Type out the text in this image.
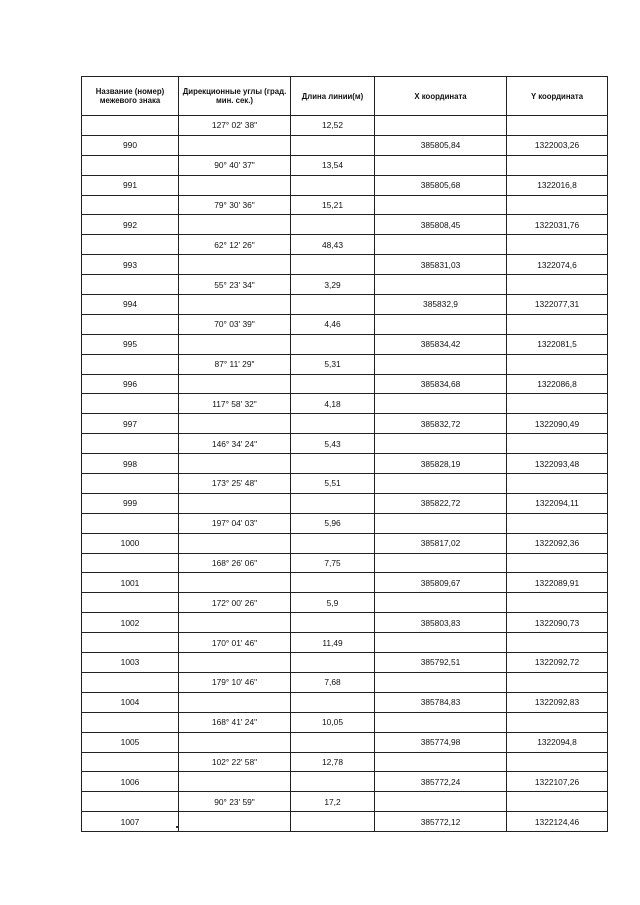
Название (номер) межевого знака	Дирекционные углы (град. мин. сек.)	Длина линии(м)	X координата	Y координата
	127° 02' 38"	12,52		
990			385805,84	1322003,26
	90° 40' 37"	13,54		
991			385805,68	1322016,8
	79° 30' 36"	15,21		
992			385808,45	1322031,76
	62° 12' 26"	48,43		
993			385831,03	1322074,6
	55° 23' 34"	3,29		
994			385832,9	1322077,31
	70° 03' 39"	4,46		
995			385834,42	1322081,5
	87° 11' 29"	5,31		
996			385834,68	1322086,8
	117° 58' 32"	4,18		
997			385832,72	1322090,49
	146° 34' 24"	5,43		
998			385828,19	1322093,48
	173° 25' 48"	5,51		
999			385822,72	1322094,11
	197° 04' 03"	5,96		
1000			385817,02	1322092,36
	168° 26' 06"	7,75		
1001			385809,67	1322089,91
	172° 00' 26"	5,9		
1002			385803,83	1322090,73
	170° 01' 46"	11,49		
1003			385792,51	1322092,72
	179° 10' 46"	7,68		
1004			385784,83	1322092,83
	168° 41' 24"	10,05		
1005			385774,98	1322094,8
	102° 22' 58"	12,78		
1006			385772,24	1322107,26
	90° 23' 59"	17,2		
1007			385772,12	1322124,46
